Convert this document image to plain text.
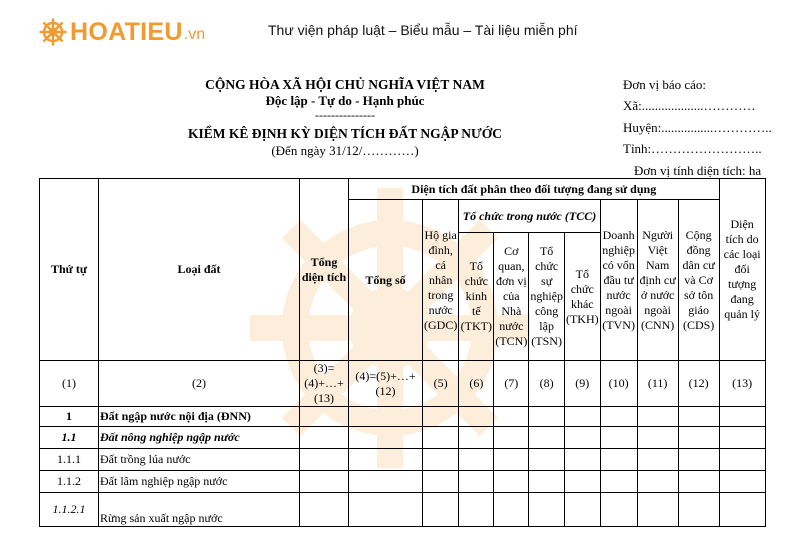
HOATIEU .vn	Thư viện pháp luật – Biểu mẫu – Tài liệu miễn phí
CỘNG HÒA XÃ HỘI CHỦ NGHĨA VIỆT NAM
Độc lập - Tự do - Hạnh phúc
---------------
KIỂM KÊ ĐỊNH KỲ DIỆN TÍCH ĐẤT NGẬP NƯỚC
(Đến ngày 31/12/…………)
Đơn vị báo cáo:
Xã:...................…………
Huyện:................…………..
Tỉnh:……………………..
Đơn vị tính diện tích: ha
Thứ tự	Loại đất	Tổng diện tích	Diện tích đất phân theo đối tượng đang sử dụng									Diện tích do các loại đối tượng đang quản lý
			Tổng số	Hộ gia đình, cá nhân trong nước (GDC)	Tổ chức trong nước (TCC)				Doanh nghiệp có vốn đầu tư nước ngoài (TVN)	Người Việt Nam định cư ở nước ngoài (CNN)	Cộng đồng dân cư và Cơ sở tôn giáo (CDS)	
					Tổ chức kinh tế (TKT)	Cơ quan, đơn vị của Nhà nước (TCN)	Tổ chức sự nghiệp công lập (TSN)	Tổ chức khác (TKH)				
(1)	(2)	(3)=(4)+…+(13)	(4)=(5)+…+(12)	(5)	(6)	(7)	(8)	(9)	(10)	(11)	(12)	(13)
1	Đất ngập nước nội địa (ĐNN)											
1.1	Đất nông nghiệp ngập nước											
1.1.1	Đất trồng lúa nước											
1.1.2	Đất lâm nghiệp ngập nước											
1.1.2.1	Rừng sản xuất ngập nước											
